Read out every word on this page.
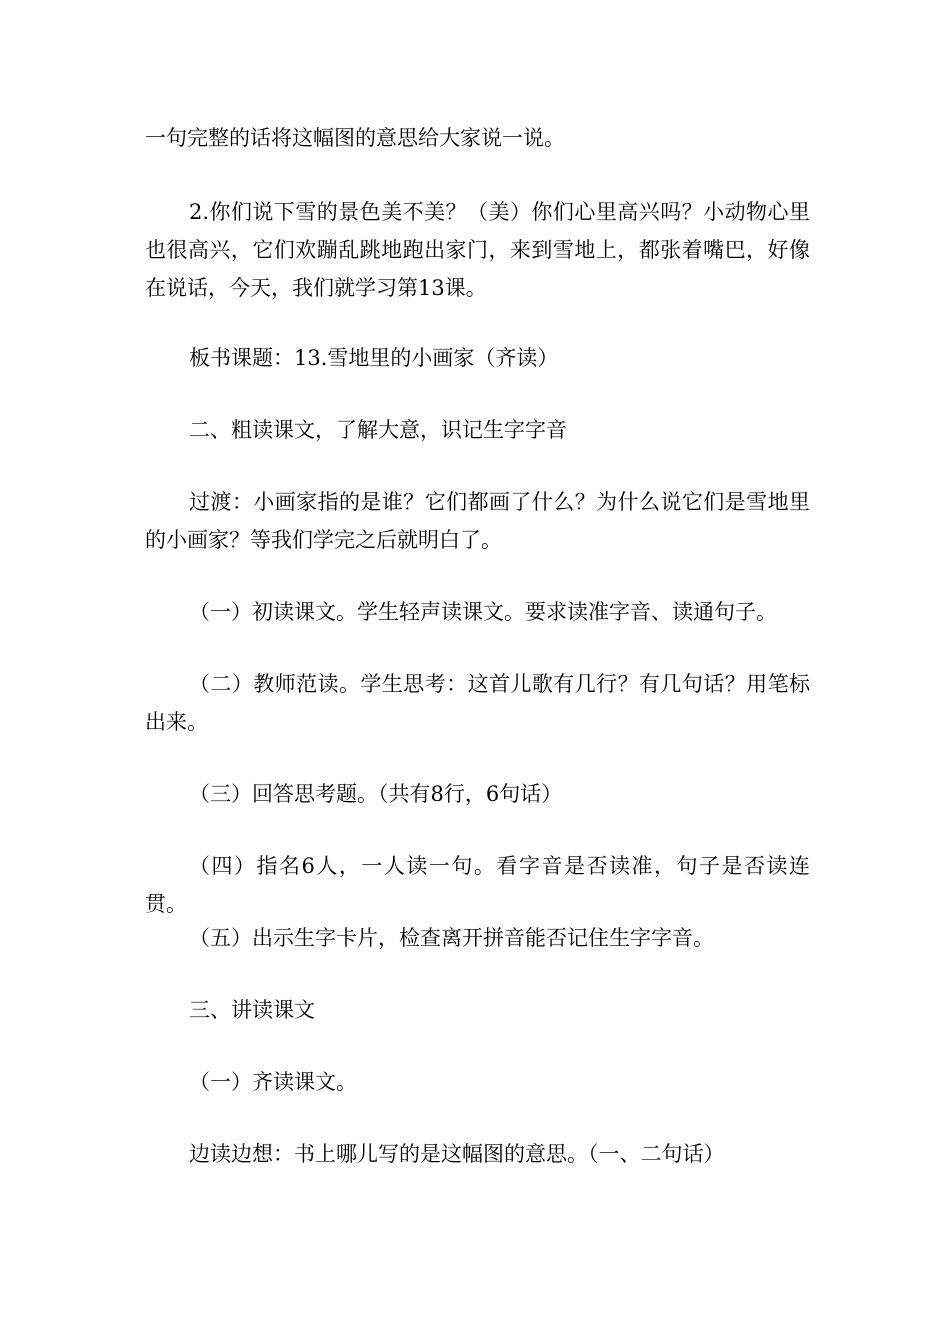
一句完整的话将这幅图的意思给大家说一说。

2.你们说下雪的景色美不美？（美）你们心里高兴吗？小动物心里也很高兴，它们欢蹦乱跳地跑出家门，来到雪地上，都张着嘴巴，好像在说话，今天，我们就学习第13课。

板书课题：13.雪地里的小画家（齐读）

二、粗读课文，了解大意，识记生字字音

过渡：小画家指的是谁？它们都画了什么？为什么说它们是雪地里的小画家？等我们学完之后就明白了。

（一）初读课文。学生轻声读课文。要求读准字音、读通句子。

（二）教师范读。学生思考：这首儿歌有几行？有几句话？用笔标出来。

（三）回答思考题。（共有8行，6句话）

（四）指名6人，一人读一句。看字音是否读准，句子是否读连贯。

（五）出示生字卡片，检查离开拼音能否记住生字字音。

三、讲读课文

（一）齐读课文。

边读边想：书上哪儿写的是这幅图的意思。（一、二句话）
